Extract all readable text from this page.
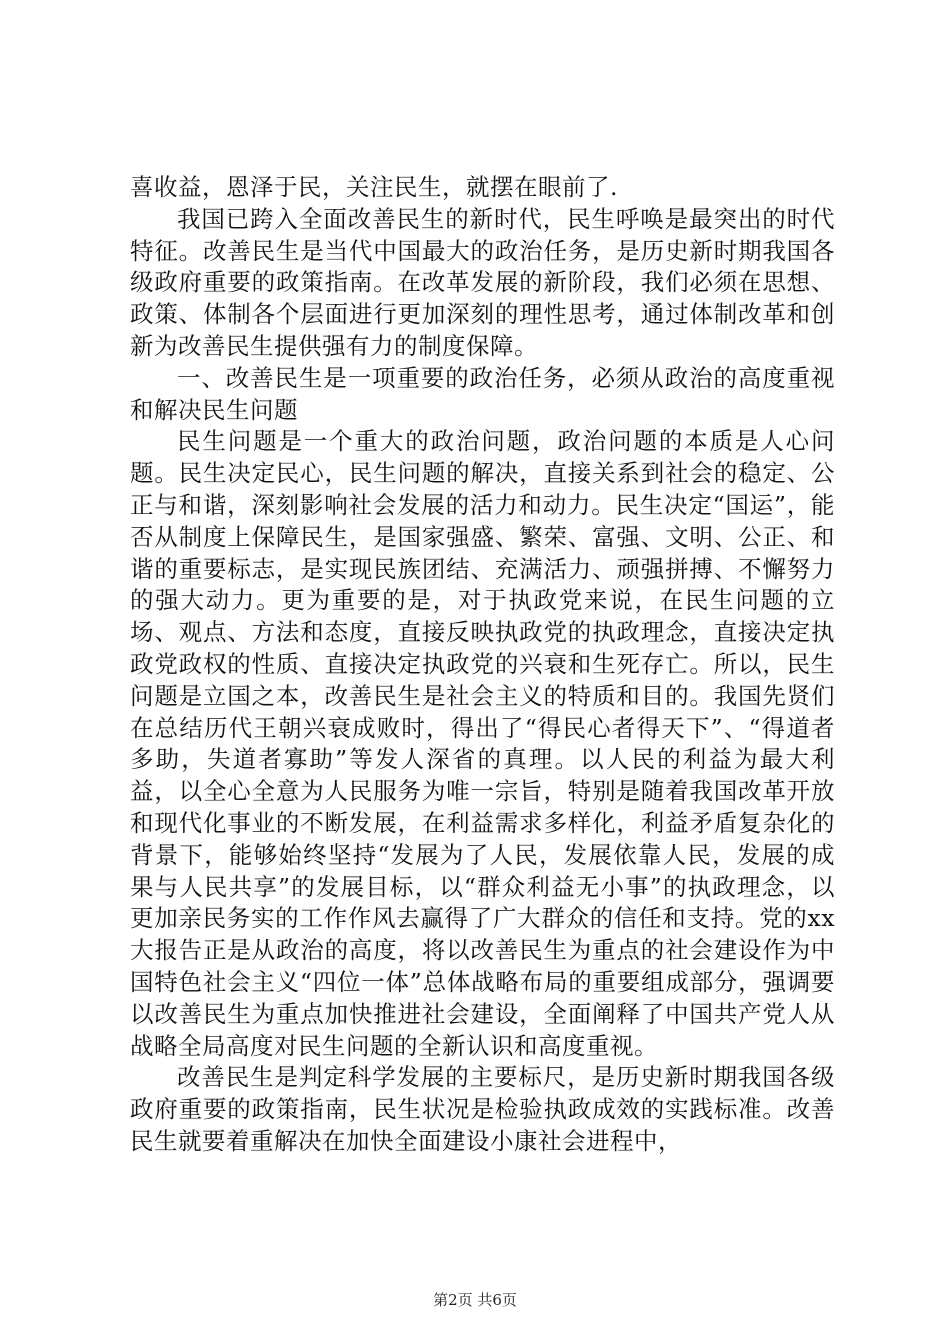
喜收益，恩泽于民，关注民生，就摆在眼前了.

我国已跨入全面改善民生的新时代，民生呼唤是最突出的时代特征。改善民生是当代中国最大的政治任务，是历史新时期我国各级政府重要的政策指南。在改革发展的新阶段，我们必须在思想、政策、体制各个层面进行更加深刻的理性思考，通过体制改革和创新为改善民生提供强有力的制度保障。

一、改善民生是一项重要的政治任务，必须从政治的高度重视和解决民生问题

民生问题是一个重大的政治问题，政治问题的本质是人心问题。民生决定民心，民生问题的解决，直接关系到社会的稳定、公正与和谐，深刻影响社会发展的活力和动力。民生决定“国运”，能否从制度上保障民生，是国家强盛、繁荣、富强、文明、公正、和谐的重要标志，是实现民族团结、充满活力、顽强拼搏、不懈努力的强大动力。更为重要的是，对于执政党来说，在民生问题的立场、观点、方法和态度，直接反映执政党的执政理念，直接决定执政党政权的性质、直接决定执政党的兴衰和生死存亡。所以，民生问题是立国之本，改善民生是社会主义的特质和目的。我国先贤们在总结历代王朝兴衰成败时，得出了“得民心者得天下”、“得道者多助，失道者寡助”等发人深省的真理。以人民的利益为最大利益，以全心全意为人民服务为唯一宗旨，特别是随着我国改革开放和现代化事业的不断发展，在利益需求多样化，利益矛盾复杂化的背景下，能够始终坚持“发展为了人民，发展依靠人民，发展的成果与人民共享”的发展目标，以“群众利益无小事”的执政理念，以更加亲民务实的工作作风去赢得了广大群众的信任和支持。党的xx大报告正是从政治的高度，将以改善民生为重点的社会建设作为中国特色社会主义“四位一体”总体战略布局的重要组成部分，强调要以改善民生为重点加快推进社会建设，全面阐释了中国共产党人从战略全局高度对民生问题的全新认识和高度重视。

改善民生是判定科学发展的主要标尺，是历史新时期我国各级政府重要的政策指南，民生状况是检验执政成效的实践标准。改善民生就要着重解决在加快全面建设小康社会进程中，

第2页 共6页
